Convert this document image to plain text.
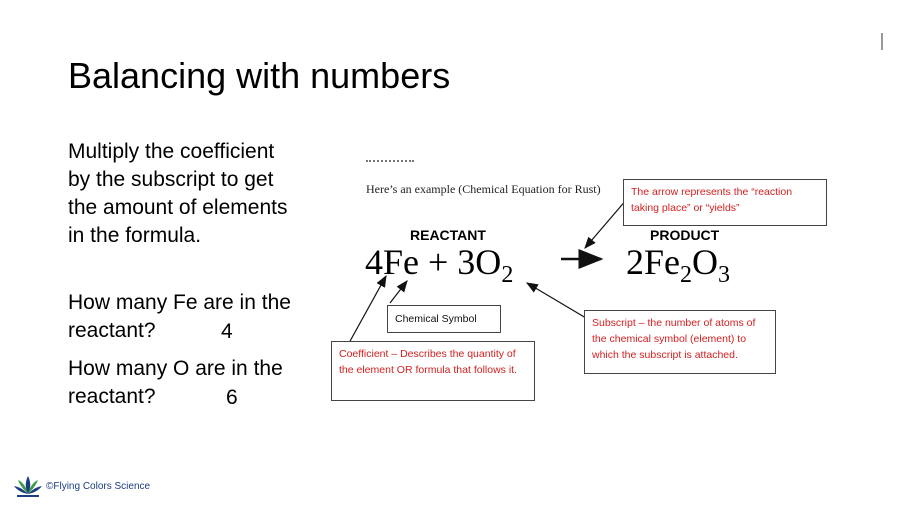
Balancing with numbers
Multiply the coefficient by the subscript to get the amount of elements in the formula.
How many Fe are in the reactant?
How many O are in the reactant?
4
6
Here’s an example (Chemical Equation for Rust)
REACTANT	PRODUCT
$4Fe + 3O_2$	$2Fe_2O_3$
The arrow represents the “reaction taking place” or “yields”
Chemical Symbol	Subscript – the number of atoms of the chemical symbol (element) to which the subscript is attached.
Coefficient – Describes the quantity of the element OR formula that follows it.
©Flying Colors Science
